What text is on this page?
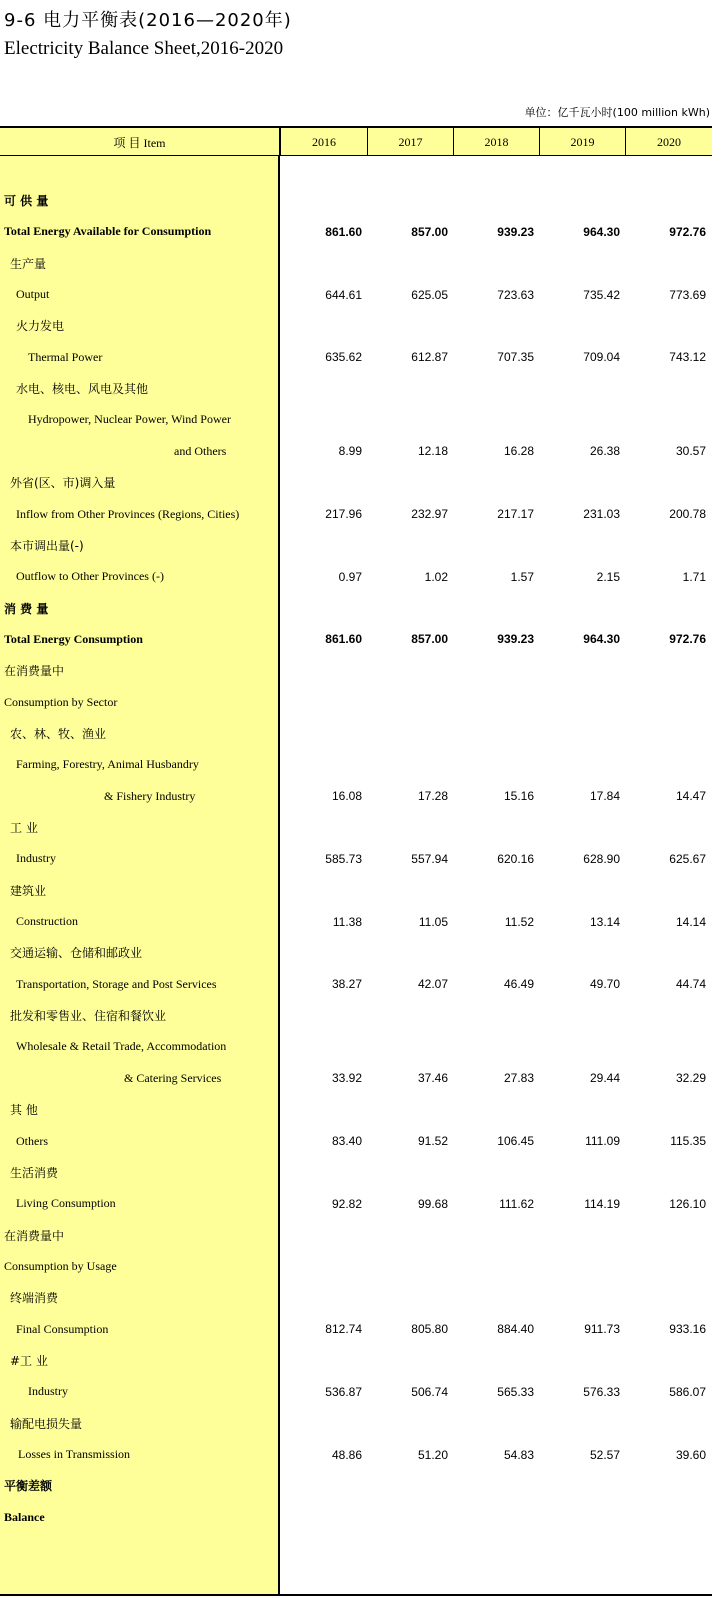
9-6 电力平衡表(2016—2020年)
Electricity Balance Sheet,2016-2020
单位：亿千瓦小时(100 million kWh)
项 目 Item	2016	2017	2018	2019	2020
可 供 量
Total Energy Available for Consumption	861.60	857.00	939.23	964.30	972.76
生产量
Output	644.61	625.05	723.63	735.42	773.69
火力发电
Thermal Power	635.62	612.87	707.35	709.04	743.12
水电、核电、风电及其他
Hydropower, Nuclear Power, Wind Power
and Others	8.99	12.18	16.28	26.38	30.57
外省(区、市)调入量
Inflow from Other Provinces (Regions, Cities)	217.96	232.97	217.17	231.03	200.78
本市调出量(-)
Outflow to Other Provinces (-)	0.97	1.02	1.57	2.15	1.71
消 费 量
Total Energy Consumption	861.60	857.00	939.23	964.30	972.76
在消费量中
Consumption by Sector
农、林、牧、渔业
Farming, Forestry, Animal Husbandry
& Fishery Industry	16.08	17.28	15.16	17.84	14.47
工 业
Industry	585.73	557.94	620.16	628.90	625.67
建筑业
Construction	11.38	11.05	11.52	13.14	14.14
交通运输、仓储和邮政业
Transportation, Storage and Post Services	38.27	42.07	46.49	49.70	44.74
批发和零售业、住宿和餐饮业
Wholesale & Retail Trade, Accommodation
& Catering Services	33.92	37.46	27.83	29.44	32.29
其 他
Others	83.40	91.52	106.45	111.09	115.35
生活消费
Living Consumption	92.82	99.68	111.62	114.19	126.10
在消费量中
Consumption by Usage
终端消费
Final Consumption	812.74	805.80	884.40	911.73	933.16
#工 业
Industry	536.87	506.74	565.33	576.33	586.07
输配电损失量
Losses in Transmission	48.86	51.20	54.83	52.57	39.60
平衡差额
Balance
